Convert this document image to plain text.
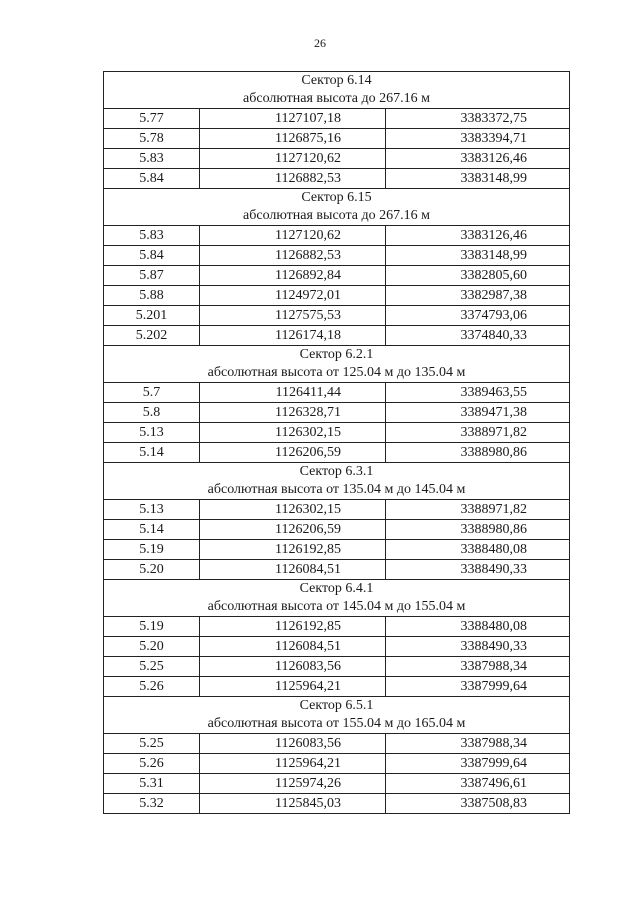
26
Сектор 6.14
абсолютная высота до 267.16 м		

5.77	1127107,18	3383372,75
5.78	1126875,16	3383394,71
5.83	1127120,62	3383126,46
5.84	1126882,53	3383148,99

Сектор 6.15
абсолютная высота до 267.16 м		

5.83	1127120,62	3383126,46
5.84	1126882,53	3383148,99
5.87	1126892,84	3382805,60
5.88	1124972,01	3382987,38
5.201	1127575,53	3374793,06
5.202	1126174,18	3374840,33

Сектор 6.2.1
абсолютная высота от 125.04 м до 135.04 м		

5.7	1126411,44	3389463,55
5.8	1126328,71	3389471,38
5.13	1126302,15	3388971,82
5.14	1126206,59	3388980,86

Сектор 6.3.1
абсолютная высота от 135.04 м до 145.04 м		

5.13	1126302,15	3388971,82
5.14	1126206,59	3388980,86
5.19	1126192,85	3388480,08
5.20	1126084,51	3388490,33

Сектор 6.4.1
абсолютная высота от 145.04 м до 155.04 м		

5.19	1126192,85	3388480,08
5.20	1126084,51	3388490,33
5.25	1126083,56	3387988,34
5.26	1125964,21	3387999,64

Сектор 6.5.1
абсолютная высота от 155.04 м до 165.04 м		

5.25	1126083,56	3387988,34
5.26	1125964,21	3387999,64
5.31	1125974,26	3387496,61
5.32	1125845,03	3387508,83
